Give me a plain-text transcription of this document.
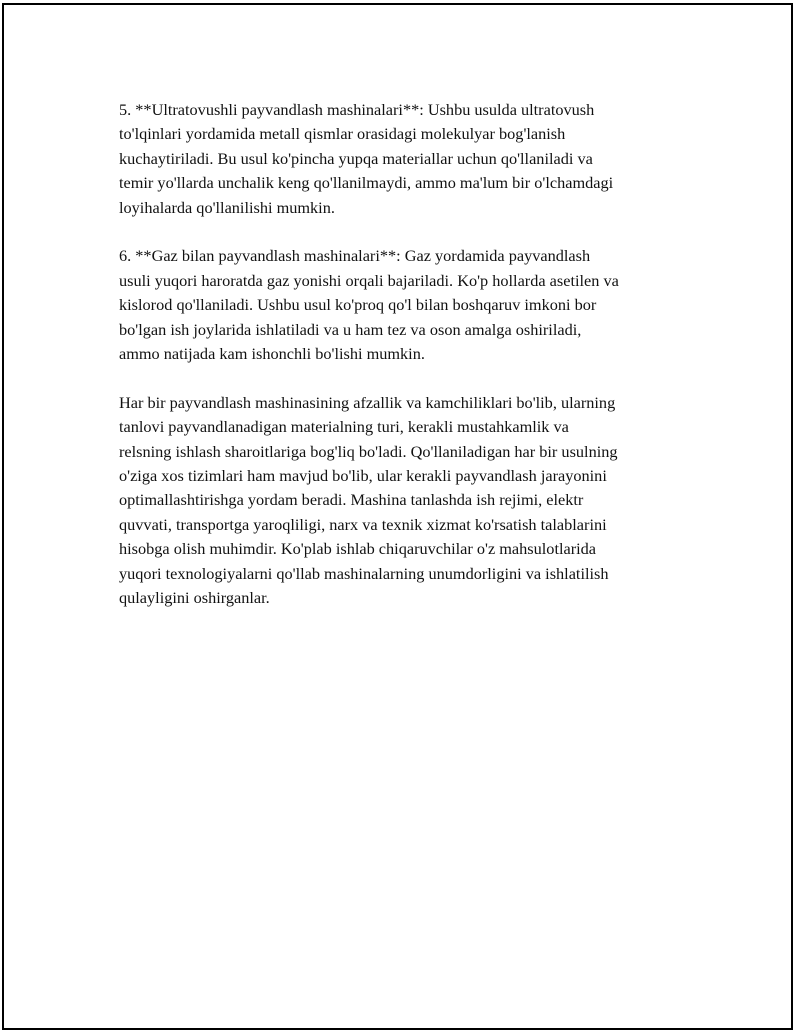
5. **Ultratovushli payvandlash mashinalari**: Ushbu usulda ultratovush
to'lqinlari yordamida metall qismlar orasidagi molekulyar bog'lanish
kuchaytiriladi. Bu usul ko'pincha yupqa materiallar uchun qo'llaniladi va
temir yo'llarda unchalik keng qo'llanilmaydi, ammo ma'lum bir o'lchamdagi
loyihalarda qo'llanilishi mumkin.

6. **Gaz bilan payvandlash mashinalari**: Gaz yordamida payvandlash
usuli yuqori haroratda gaz yonishi orqali bajariladi. Ko'p hollarda asetilen va
kislorod qo'llaniladi. Ushbu usul ko'proq qo'l bilan boshqaruv imkoni bor
bo'lgan ish joylarida ishlatiladi va u ham tez va oson amalga oshiriladi,
ammo natijada kam ishonchli bo'lishi mumkin.

Har bir payvandlash mashinasining afzallik va kamchiliklari bo'lib, ularning
tanlovi payvandlanadigan materialning turi, kerakli mustahkamlik va
relsning ishlash sharoitlariga bog'liq bo'ladi. Qo'llaniladigan har bir usulning
o'ziga xos tizimlari ham mavjud bo'lib, ular kerakli payvandlash jarayonini
optimallashtirishga yordam beradi. Mashina tanlashda ish rejimi, elektr
quvvati, transportga yaroqliligi, narx va texnik xizmat ko'rsatish talablarini
hisobga olish muhimdir. Ko'plab ishlab chiqaruvchilar o'z mahsulotlarida
yuqori texnologiyalarni qo'llab mashinalarning unumdorligini va ishlatilish
qulayligini oshirganlar.
